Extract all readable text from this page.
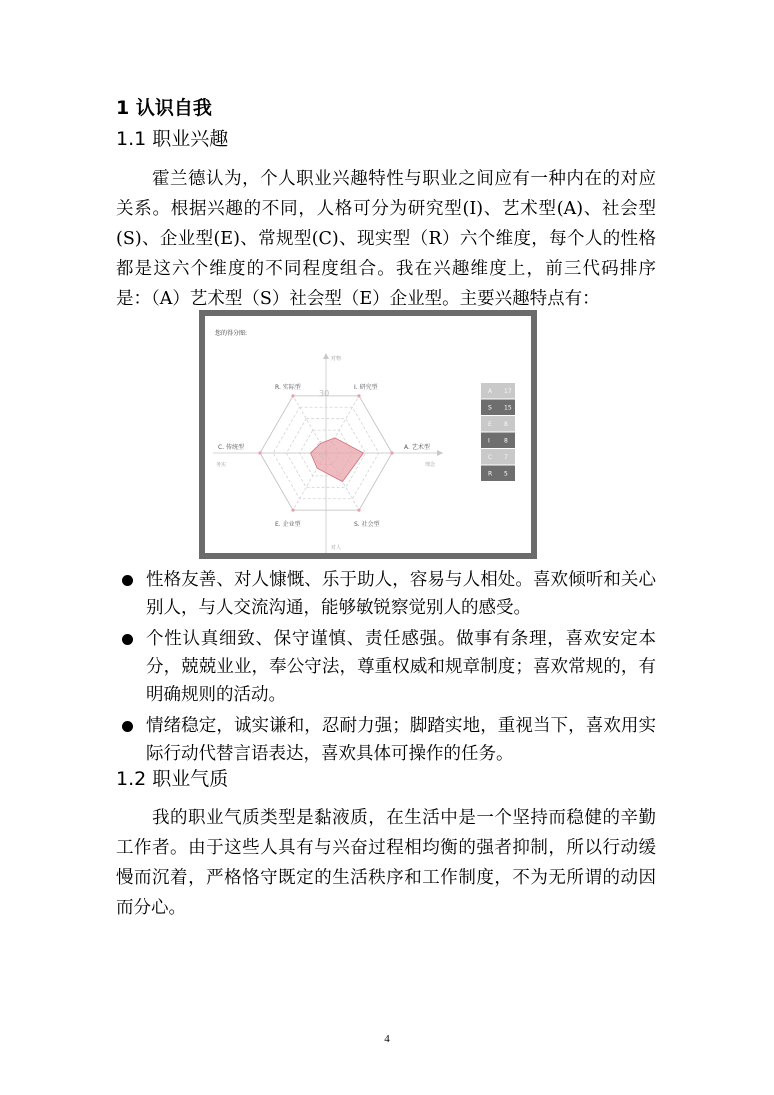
1 认识自我
1.1 职业兴趣

霍兰德认为，个人职业兴趣特性与职业之间应有一种内在的对应关系。根据兴趣的不同，人格可分为研究型(I)、艺术型(A)、社会型(S)、企业型(E)、常规型(C)、现实型（R）六个维度，每个人的性格都是这六个维度的不同程度组合。我在兴趣维度上，前三代码排序是：（A）艺术型（S）社会型（E）企业型。主要兴趣特点有：

您的得分图:
对物
对人
务实	理念
30
0
R. 实际型	I. 研究型
A. 艺术型
S. 社会型
E. 企业型
C. 传统型
A 17
S 15
E 8
I 8
C 7
R 5
性格友善、对人慷慨、乐于助人，容易与人相处。喜欢倾听和关心别人，与人交流沟通，能够敏锐察觉别人的感受。
个性认真细致、保守谨慎、责任感强。做事有条理，喜欢安定本分，兢兢业业，奉公守法，尊重权威和规章制度；喜欢常规的，有明确规则的活动。
情绪稳定，诚实谦和，忍耐力强；脚踏实地，重视当下，喜欢用实际行动代替言语表达，喜欢具体可操作的任务。
1.2 职业气质

我的职业气质类型是黏液质，在生活中是一个坚持而稳健的辛勤工作者。由于这些人具有与兴奋过程相均衡的强者抑制，所以行动缓慢而沉着，严格恪守既定的生活秩序和工作制度，不为无所谓的动因而分心。

4
